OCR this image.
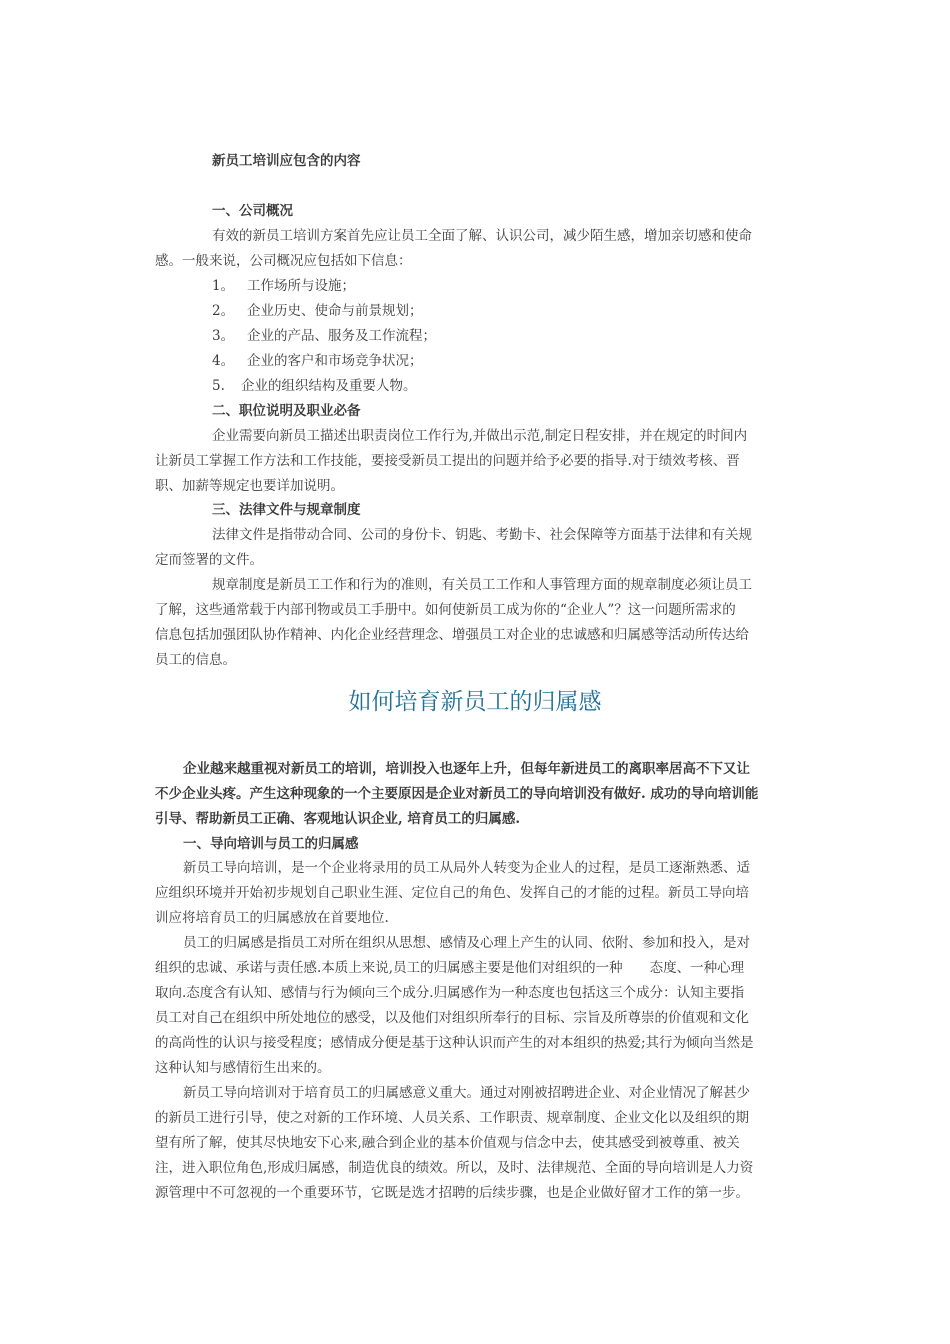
新员工培训应包含的内容
一、公司概况
有效的新员工培训方案首先应让员工全面了解、认识公司，减少陌生感，增加亲切感和使命
感。一般来说，公司概况应包括如下信息：
1。 工作场所与设施；
2。 企业历史、使命与前景规划；
3。 企业的产品、服务及工作流程；
4。 企业的客户和市场竞争状况；
5. 企业的组织结构及重要人物。
二、职位说明及职业必备
企业需要向新员工描述出职责岗位工作行为,并做出示范,制定日程安排，并在规定的时间内
让新员工掌握工作方法和工作技能，要接受新员工提出的问题并给予必要的指导.对于绩效考核、晋
职、加薪等规定也要详加说明。
三、法律文件与规章制度
法律文件是指带动合同、公司的身份卡、钥匙、考勤卡、社会保障等方面基于法律和有关规
定而签署的文件。
规章制度是新员工工作和行为的准则，有关员工工作和人事管理方面的规章制度必须让员工
了解，这些通常载于内部刊物或员工手册中。如何使新员工成为你的“企业人”？这一问题所需求的
信息包括加强团队协作精神、内化企业经营理念、增强员工对企业的忠诚感和归属感等活动所传达给
员工的信息。
如何培育新员工的归属感
企业越来越重视对新员工的培训，培训投入也逐年上升，但每年新进员工的离职率居高不下又让
不少企业头疼。产生这种现象的一个主要原因是企业对新员工的导向培训没有做好. 成功的导向培训能
引导、帮助新员工正确、客观地认识企业, 培育员工的归属感.
一、导向培训与员工的归属感
新员工导向培训，是一个企业将录用的员工从局外人转变为企业人的过程，是员工逐渐熟悉、适
应组织环境并开始初步规划自己职业生涯、定位自己的角色、发挥自己的才能的过程。新员工导向培
训应将培育员工的归属感放在首要地位.
员工的归属感是指员工对所在组织从思想、感情及心理上产生的认同、依附、参加和投入，是对
组织的忠诚、承诺与责任感.本质上来说,员工的归属感主要是他们对组织的一种　　态度、一种心理
取向.态度含有认知、感情与行为倾向三个成分.归属感作为一种态度也包括这三个成分：认知主要指
员工对自己在组织中所处地位的感受，以及他们对组织所奉行的目标、宗旨及所尊崇的价值观和文化
的高尚性的认识与接受程度；感情成分便是基于这种认识而产生的对本组织的热爱;其行为倾向当然是
这种认知与感情衍生出来的。
新员工导向培训对于培育员工的归属感意义重大。通过对刚被招聘进企业、对企业情况了解甚少
的新员工进行引导，使之对新的工作环境、人员关系、工作职责、规章制度、企业文化以及组织的期
望有所了解，使其尽快地安下心来,融合到企业的基本价值观与信念中去，使其感受到被尊重、被关
注，进入职位角色,形成归属感，制造优良的绩效。所以，及时、法律规范、全面的导向培训是人力资
源管理中不可忽视的一个重要环节，它既是选才招聘的后续步骤，也是企业做好留才工作的第一步。
